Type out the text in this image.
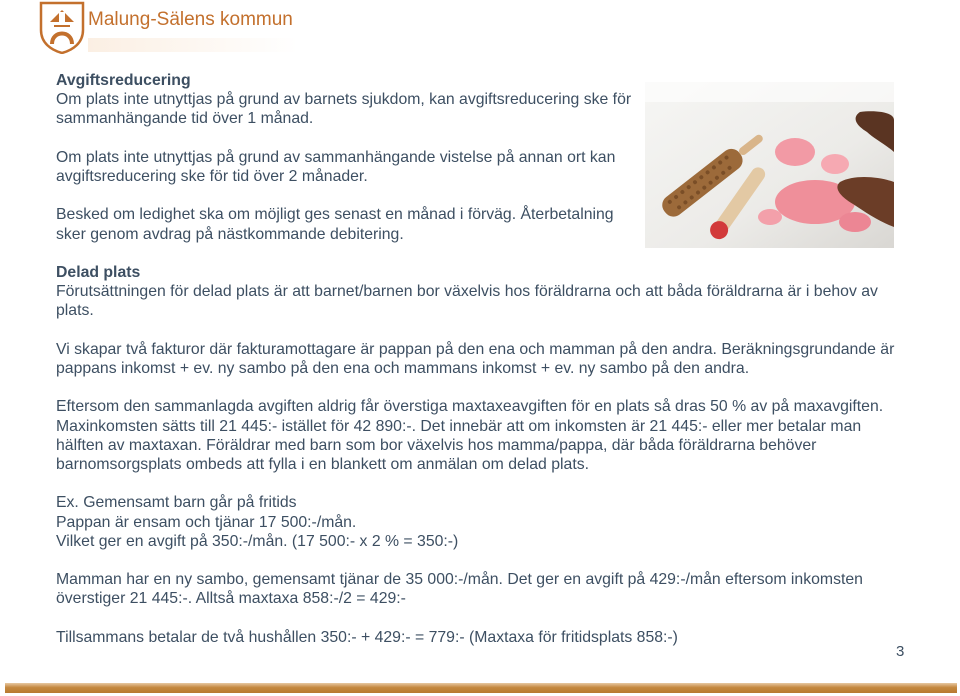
Malung-Sälens kommun

Avgiftsreducering
Om plats inte utnyttjas på grund av barnets sjukdom, kan avgiftsreducering ske för sammanhängande tid över 1 månad.

Om plats inte utnyttjas på grund av sammanhängande vistelse på annan ort kan avgiftsreducering ske för tid över 2 månader.

Besked om ledighet ska om möjligt ges senast en månad i förväg. Återbetalning sker genom avdrag på nästkommande debitering.

Delad plats
Förutsättningen för delad plats är att barnet/barnen bor växelvis hos föräldrarna och att båda föräldrarna är i behov av plats.

Vi skapar två fakturor där fakturamottagare är pappan på den ena och mamman på den andra. Beräkningsgrundande är pappans inkomst + ev. ny sambo på den ena och mammans inkomst + ev. ny sambo på den andra.

Eftersom den sammanlagda avgiften aldrig får överstiga maxtaxeavgiften för en plats så dras 50 % av på maxavgiften. Maxinkomsten sätts till 21 445:- istället för 42 890:-. Det innebär att om inkomsten är 21 445:- eller mer betalar man hälften av maxtaxan. Föräldrar med barn som bor växelvis hos mamma/pappa, där båda föräldrarna behöver barnomsorgsplats ombeds att fylla i en blankett om anmälan om delad plats.

Ex. Gemensamt barn går på fritids
Pappan är ensam och tjänar 17 500:-/mån.
Vilket ger en avgift på 350:-/mån. (17 500:- x 2 % = 350:-)

Mamman har en ny sambo, gemensamt tjänar de 35 000:-/mån. Det ger en avgift på 429:-/mån eftersom inkomsten överstiger 21 445:-. Alltså maxtaxa 858:-/2 = 429:-

Tillsammans betalar de två hushållen 350:- + 429:- = 779:- (Maxtaxa för fritidsplats 858:-)

3
